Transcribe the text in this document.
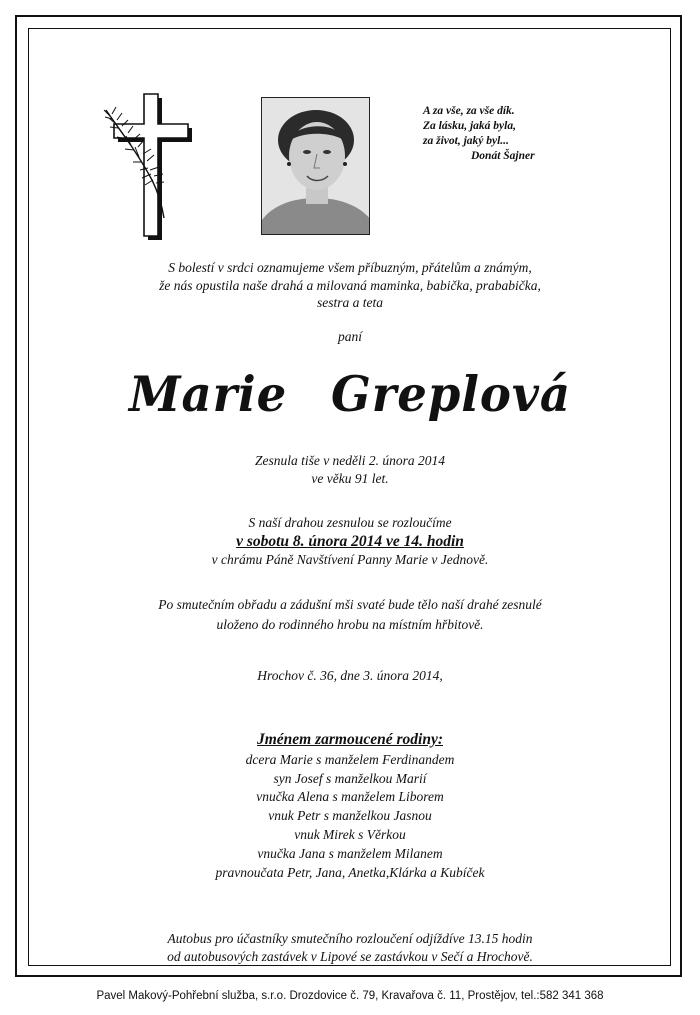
A za vše, za vše dík.
Za lásku, jaká byla,
za život, jaký byl...
Donát Šajner
S bolestí v srdci oznamujeme všem příbuzným, přátelům a známým,
že nás opustila naše drahá a milovaná maminka, babička, prababička,
sestra a teta
paní
Marie Greplová
Zesnula tiše v neděli 2. února 2014
ve věku 91 let.
S naší drahou zesnulou se rozloučíme
v sobotu 8. února 2014 ve 14. hodin
v chrámu Páně Navštívení Panny Marie v Jednově.
Po smutečním obřadu a zádušní mši svaté bude tělo naší drahé zesnulé
uloženo do rodinného hrobu na místním hřbitově.
Hrochov č. 36, dne 3. února 2014,
Jménem zarmoucené rodiny:
dcera Marie s manželem Ferdinandem
syn Josef s manželkou Marií
vnučka Alena s manželem Liborem
vnuk Petr s manželkou Jasnou
vnuk Mirek s Věrkou
vnučka Jana s manželem Milanem
pravnoučata Petr, Jana, Anetka,Klárka a Kubíček
Autobus pro účastníky smutečního rozloučení odjíždíve 13.15 hodin
od autobusových zastávek v Lipové se zastávkou v Sečí a Hrochově.
Pavel Makový-Pohřební služba, s.r.o. Drozdovice č. 79, Kravařova č. 11, Prostějov, tel.:582 341 368
